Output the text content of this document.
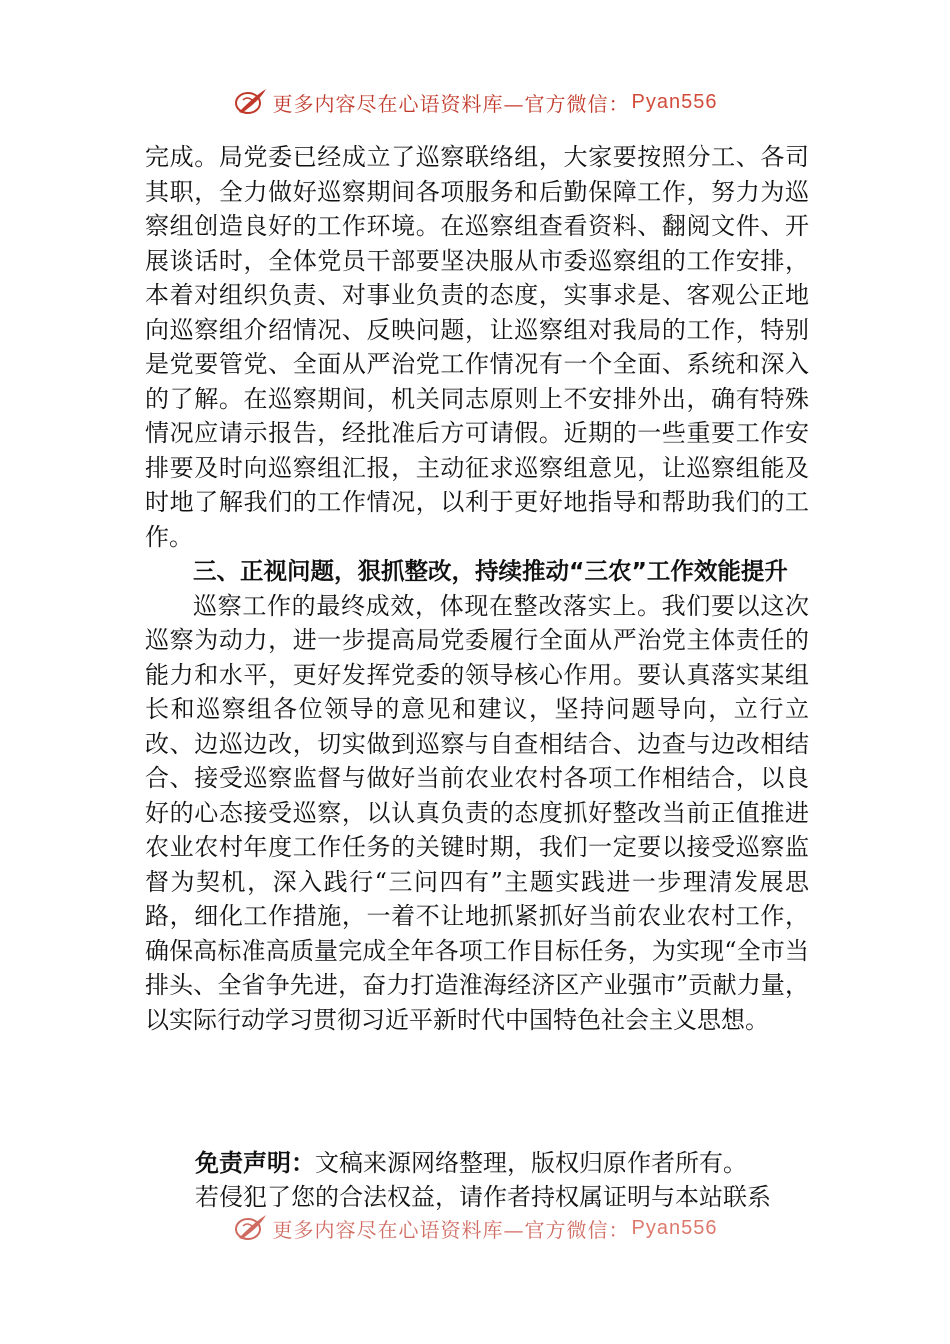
更多内容尽在心语资料库—官方微信： Pyan556

完成。局党委已经成立了巡察联络组，大家要按照分工、各司其职，全力做好巡察期间各项服务和后勤保障工作，努力为巡察组创造良好的工作环境。在巡察组查看资料、翻阅文件、开展谈话时，全体党员干部要坚决服从市委巡察组的工作安排，本着对组织负责、对事业负责的态度，实事求是、客观公正地向巡察组介绍情况、反映问题，让巡察组对我局的工作，特别是党要管党、全面从严治党工作情况有一个全面、系统和深入的了解。在巡察期间，机关同志原则上不安排外出，确有特殊情况应请示报告，经批准后方可请假。近期的一些重要工作安排要及时向巡察组汇报，主动征求巡察组意见，让巡察组能及时地了解我们的工作情况，以利于更好地指导和帮助我们的工作。

三、正视问题，狠抓整改，持续推动“三农”工作效能提升

巡察工作的最终成效，体现在整改落实上。我们要以这次巡察为动力，进一步提高局党委履行全面从严治党主体责任的能力和水平，更好发挥党委的领导核心作用。要认真落实某组长和巡察组各位领导的意见和建议，坚持问题导向，立行立改、边巡边改，切实做到巡察与自查相结合、边查与边改相结合、接受巡察监督与做好当前农业农村各项工作相结合，以良好的心态接受巡察，以认真负责的态度抓好整改当前正值推进农业农村年度工作任务的关键时期，我们一定要以接受巡察监督为契机，深入践行“三问四有”主题实践进一步理清发展思路，细化工作措施，一着不让地抓紧抓好当前农业农村工作，确保高标准高质量完成全年各项工作目标任务，为实现“全市当排头、全省争先进，奋力打造淮海经济区产业强市”贡献力量，以实际行动学习贯彻习近平新时代中国特色社会主义思想。

免责声明：文稿来源网络整理，版权归原作者所有。

若侵犯了您的合法权益，请作者持权属证明与本站联系

更多内容尽在心语资料库—官方微信： Pyan556
